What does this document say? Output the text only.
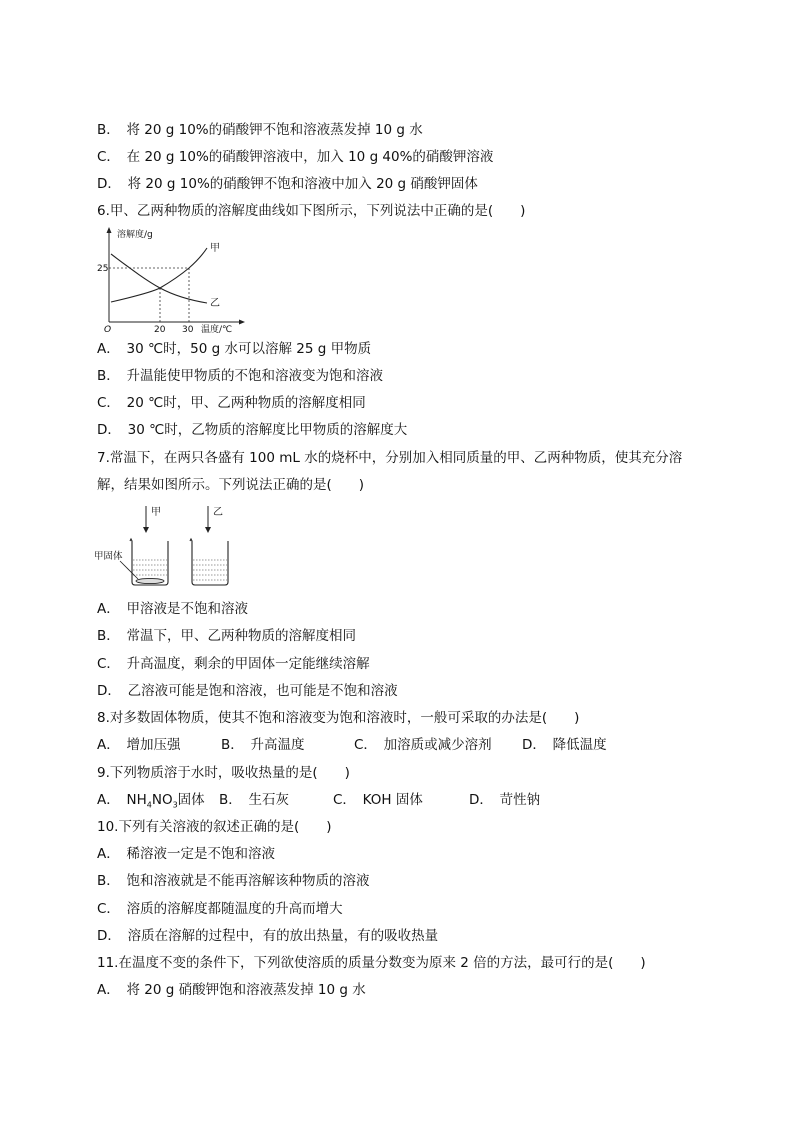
B．　将 20 g 10%的硝酸钾不饱和溶液蒸发掉 10 g 水
C．　在 20 g 10%的硝酸钾溶液中，加入 10 g 40%的硝酸钾溶液
D．　将 20 g 10%的硝酸钾不饱和溶液中加入 20 g 硝酸钾固体
6.甲、乙两种物质的溶解度曲线如下图所示，下列说法中正确的是(　　)
溶解度/g
25
O	20 30 温度/℃
甲
乙
A．　30 ℃时，50 g 水可以溶解 25 g 甲物质
B．　升温能使甲物质的不饱和溶液变为饱和溶液
C．　20 ℃时，甲、乙两种物质的溶解度相同
D．　30 ℃时，乙物质的溶解度比甲物质的溶解度大
7.常温下，在两只各盛有 100 mL 水的烧杯中，分别加入相同质量的甲、乙两种物质，使其充分溶解，结果如图所示。下列说法正确的是(　　)
甲	乙
甲固体
A．　甲溶液是不饱和溶液
B．　常温下，甲、乙两种物质的溶解度相同
C．　升高温度，剩余的甲固体一定能继续溶解
D．　乙溶液可能是饱和溶液，也可能是不饱和溶液
8.对多数固体物质，使其不饱和溶液变为饱和溶液时，一般可采取的办法是(　　)
A．　增加压强	B．　升高温度	C．　加溶质或减少溶剂 D．　降低温度
9.下列物质溶于水时，吸收热量的是(　　)
A．　$NH_4NO_3$固体 B．　生石灰	C．　KOH 固体	D．　苛性钠
10.下列有关溶液的叙述正确的是(　　)
A．　稀溶液一定是不饱和溶液
B．　饱和溶液就是不能再溶解该种物质的溶液
C．　溶质的溶解度都随温度的升高而增大
D．　溶质在溶解的过程中，有的放出热量，有的吸收热量
11.在温度不变的条件下，下列欲使溶质的质量分数变为原来 2 倍的方法，最可行的是(　　)
A．　将 20 g 硝酸钾饱和溶液蒸发掉 10 g 水
